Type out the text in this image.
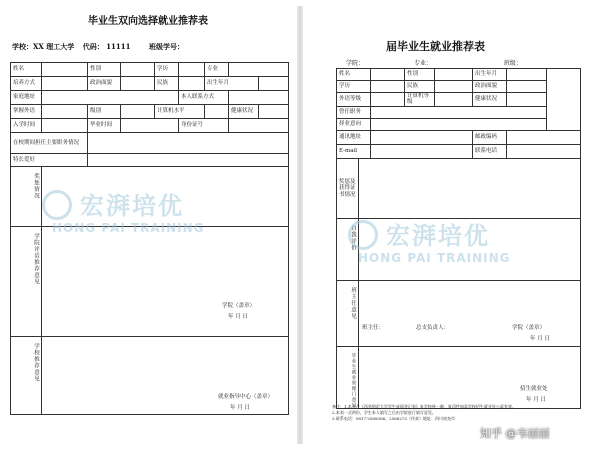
毕业生双向选择就业推荐表
学校：XX 理工大学 代码： 11111	班级学号：
姓名		性别		学历		专业		
培养方式		政治面貌		民族		出生年月		
家庭地址					本人联系方式			
掌握外语		级别		计算机水平			健康状况	
入学时间		毕业时间			身份证号			
在校期间担任主要职务情况								
特长爱好								
奖惩情况	
学院评语推荐意见	
学校推荐意见	
学院（盖章）
年 月 日
就业指导中心（盖章）
年 月 日
届毕业生就业推荐表
学院：	专业：	班级：
姓名		性别		出生年月		
学历		民族		政治面貌		
外语等级		计算机等级		健康状况		
曾任职务						
择业意向						
通讯地址				邮政编码		
E-mail				联系电话		
奖惩及获得证书情况	
自我评价	
班主任意见	
毕业生就业管理门意见	
班主任：	总支负责人：	学院（盖章）
年 月 日
招生就业处
年 月 日
备注：1.本表在《西华师范大学学生成绩登记表》复学校统一制，复印件加盖学校招生就业处公章有效。
2.本表一式两份，学生本人填写之后由学院进行填写意见。
3.联系电话：0817-2568386、2568273（传真）地址：四川南充市
宏湃培优
HONG PAI TRAINING	宏湃培优
HONG PAI TRAINING
知乎 @韦丽丽
